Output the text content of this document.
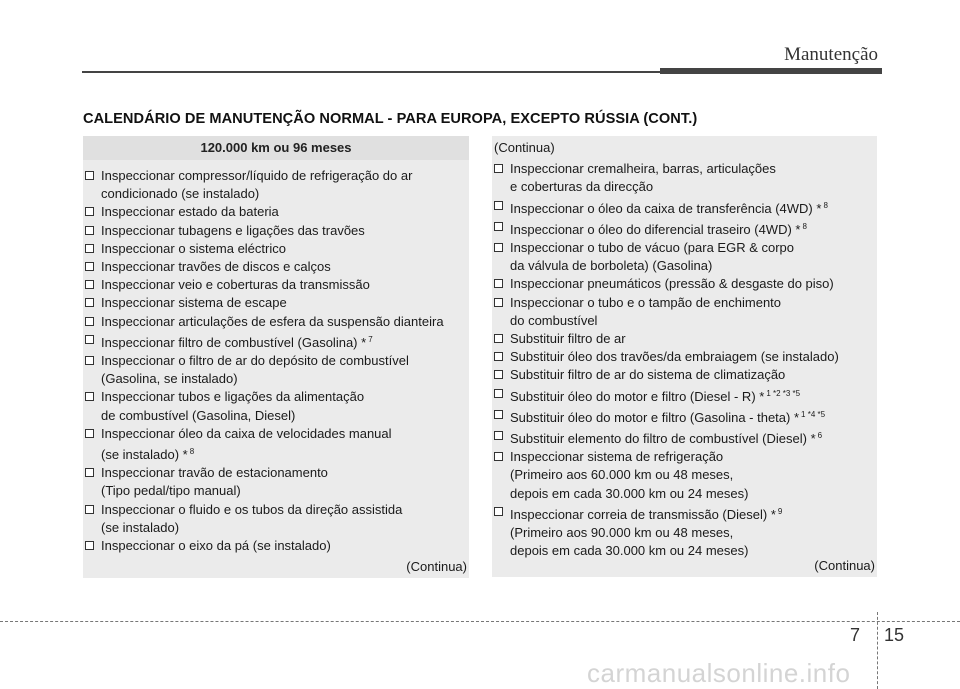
Manutenção
CALENDÁRIO DE MANUTENÇÃO NORMAL - PARA EUROPA, EXCEPTO RÚSSIA (CONT.)
120.000 km ou 96 meses
Inspeccionar compressor/líquido de refrigeração do ar
condicionado (se instalado)
Inspeccionar estado da bateria
Inspeccionar tubagens e ligações das travões
Inspeccionar o sistema eléctrico
Inspeccionar travões de discos e calços
Inspeccionar veio e coberturas da transmissão
Inspeccionar sistema de escape
Inspeccionar articulações de esfera da suspensão dianteira
Inspeccionar filtro de combustível (Gasolina) * $^7$
Inspeccionar o filtro de ar do depósito de combustível
(Gasolina, se instalado)
Inspeccionar tubos e ligações da alimentação
de combustível (Gasolina, Diesel)
Inspeccionar óleo da caixa de velocidades manual
(se instalado) * $^8$
Inspeccionar travão de estacionamento
(Tipo pedal/tipo manual)
Inspeccionar o fluido e os tubos da direção assistida
(se instalado)
Inspeccionar o eixo da pá (se instalado)
(Continua)
(Continua)
Inspeccionar cremalheira, barras, articulações
e coberturas da direcção
Inspeccionar o óleo da caixa de transferência (4WD) * $^8$
Inspeccionar o óleo do diferencial traseiro (4WD) * $^8$
Inspeccionar o tubo de vácuo (para EGR & corpo
da válvula de borboleta) (Gasolina)
Inspeccionar pneumáticos (pressão & desgaste do piso)
Inspeccionar o tubo e o tampão de enchimento
do combustível
Substituir filtro de ar
Substituir óleo dos travões/da embraiagem (se instalado)
Substituir filtro de ar do sistema de climatização
Substituir óleo do motor e filtro (Diesel - R) * $^{1 *2 *3 *5}$
Substituir óleo do motor e filtro (Gasolina - theta) * $^{1 *4 *5}$
Substituir elemento do filtro de combustível (Diesel) * $^6$
Inspeccionar sistema de refrigeração
(Primeiro aos 60.000 km ou 48 meses,
depois em cada 30.000 km ou 24 meses)
Inspeccionar correia de transmissão (Diesel) * $^9$
(Primeiro aos 90.000 km ou 48 meses,
depois em cada 30.000 km ou 24 meses)
(Continua)
7 15
carmanualsonline.info
